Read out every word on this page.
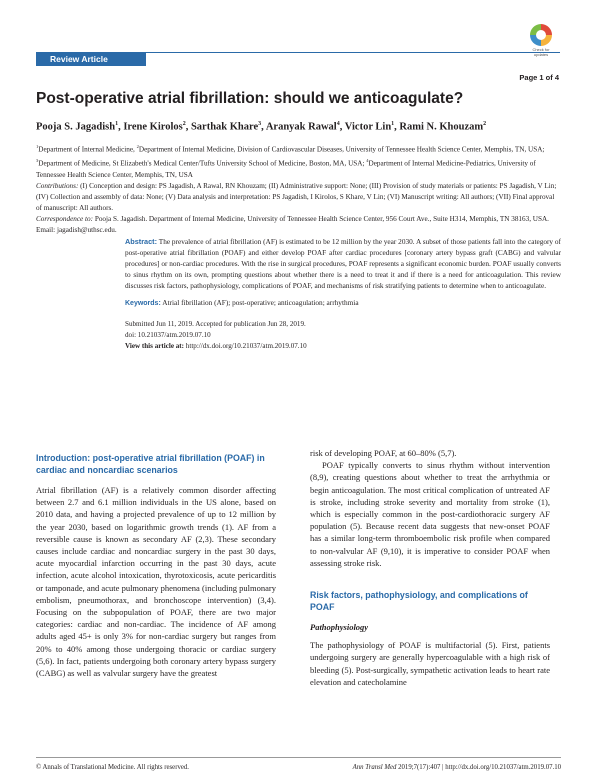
Review Article
Check for updates
Page 1 of 4
Post-operative atrial fibrillation: should we anticoagulate?
Pooja S. Jagadish$^1$, Irene Kirolos$^2$, Sarthak Khare$^3$, Aranyak Rawal$^4$, Victor Lin$^1$, Rami N. Khouzam$^2$

$^1$Department of Internal Medicine, $^2$Department of Internal Medicine, Division of Cardiovascular Diseases, University of Tennessee Health Science Center, Memphis, TN, USA; $^3$Department of Medicine, St Elizabeth's Medical Center/Tufts University School of Medicine, Boston, MA, USA; $^4$Department of Internal Medicine-Pediatrics, University of Tennessee Health Science Center, Memphis, TN, USA

Contributions: (I) Conception and design: PS Jagadish, A Rawal, RN Khouzam; (II) Administrative support: None; (III) Provision of study materials or patients: PS Jagadish, V Lin; (IV) Collection and assembly of data: None; (V) Data analysis and interpretation: PS Jagadish, I Kirolos, S Khare, V Lin; (VI) Manuscript writing: All authors; (VII) Final approval of manuscript: All authors.

Correspondence to: Pooja S. Jagadish. Department of Internal Medicine, University of Tennessee Health Science Center, 956 Court Ave., Suite H314, Memphis, TN 38163, USA. Email: jagadish@uthsc.edu.

Abstract: The prevalence of atrial fibrillation (AF) is estimated to be 12 million by the year 2030. A subset of those patients fall into the category of post-operative atrial fibrillation (POAF) and either develop POAF after cardiac procedures [coronary artery bypass graft (CABG) and valvular procedures] or non-cardiac procedures. With the rise in surgical procedures, POAF represents a significant economic burden. POAF usually converts to sinus rhythm on its own, prompting questions about whether there is a need to treat it and if there is a need for anticoagulation. This review discusses risk factors, pathophysiology, complications of POAF, and mechanisms of risk stratifying patients to determine when to anticoagulate.

Keywords: Atrial fibrillation (AF); post-operative; anticoagulation; arrhythmia

Submitted Jun 11, 2019. Accepted for publication Jun 28, 2019.
doi: 10.21037/atm.2019.07.10
View this article at: http://dx.doi.org/10.21037/atm.2019.07.10
Introduction: post-operative atrial fibrillation (POAF) in cardiac and noncardiac scenarios

Atrial fibrillation (AF) is a relatively common disorder affecting between 2.7 and 6.1 million individuals in the US alone, based on 2010 data, and having a projected prevalence of up to 12 million by the year 2030, based on logarithmic growth trends (1). AF from a reversible cause is known as secondary AF (2,3). These secondary causes include cardiac and noncardiac surgery in the past 30 days, acute myocardial infarction occurring in the past 30 days, acute infection, acute alcohol intoxication, thyrotoxicosis, acute pericarditis or tamponade, and acute pulmonary phenomena (including pulmonary embolism, pneumothorax, and bronchoscope intervention) (3,4). Focusing on the subpopulation of POAF, there are two major categories: cardiac and non-cardiac. The incidence of AF among adults aged 45+ is only 3% for non-cardiac surgery but ranges from 20% to 40% among those undergoing thoracic or cardiac surgery (5,6). In fact, patients undergoing both coronary artery bypass surgery (CABG) as well as valvular surgery have the greatest

risk of developing POAF, at 60–80% (5,7).

POAF typically converts to sinus rhythm without intervention (8,9), creating questions about whether to treat the arrhythmia or begin anticoagulation. The most critical complication of untreated AF is stroke, including stroke severity and mortality from stroke (1), which is especially common in the post-cardiothoracic surgery AF population (5). Because recent data suggests that new-onset POAF has a similar long-term thromboembolic risk profile when compared to non-valvular AF (9,10), it is imperative to consider POAF when assessing stroke risk.

Risk factors, pathophysiology, and complications of POAF
Pathophysiology

The pathophysiology of POAF is multifactorial (5). First, patients undergoing surgery are generally hypercoagulable with a high risk of bleeding (5). Post-surgically, sympathetic activation leads to heart rate elevation and catecholamine

© Annals of Translational Medicine. All rights reserved.	Ann Transl Med 2019;7(17):407 | http://dx.doi.org/10.21037/atm.2019.07.10
